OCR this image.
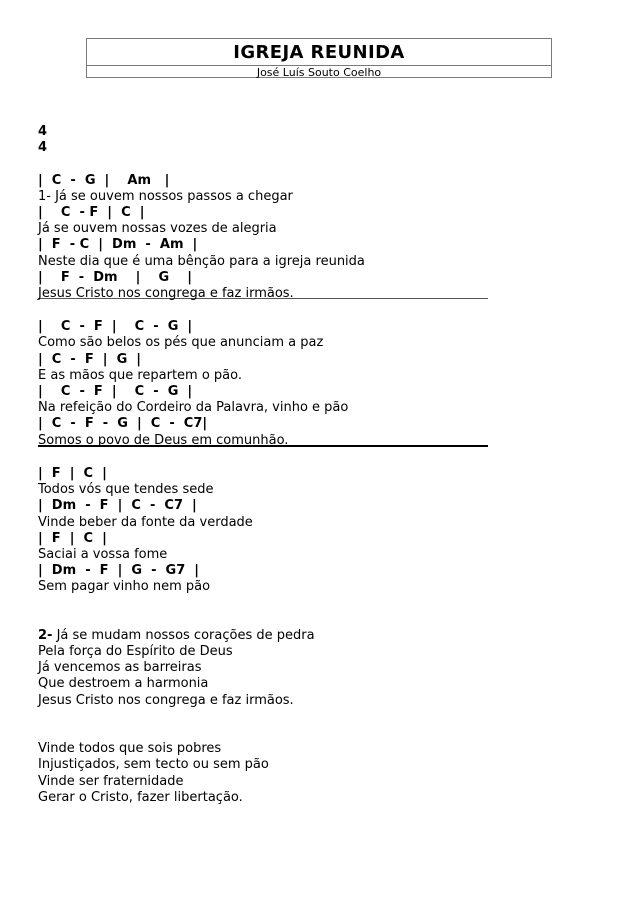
IGREJA REUNIDA
José Luís Souto Coelho
4
4
|  C  -  G  |    Am   |
1- Já se ouvem nossos passos a chegar
|    C  - F  |  C  |
Já se ouvem nossas vozes de alegria
|  F  - C  |  Dm  -  Am  |
Neste dia que é uma bênção para a igreja reunida
|    F  -  Dm    |    G    |
Jesus Cristo nos congrega e faz irmãos.
|    C  -  F  |    C  -  G  |
Como são belos os pés que anunciam a paz
|  C  -  F  |  G  |
E as mãos que repartem o pão.
|    C  -  F  |    C  -  G  |
Na refeição do Cordeiro da Palavra, vinho e pão
|  C  -  F  -  G  |  C  -  C7|
Somos o povo de Deus em comunhão.
|  F  |  C  |
Todos vós que tendes sede
|  Dm  -  F  |  C  -  C7  |
Vinde beber da fonte da verdade
|  F  |  C  |
Saciai a vossa fome
|  Dm  -  F  |  G  -  G7  |
Sem pagar vinho nem pão
2- Já se mudam nossos corações de pedra
Pela força do Espírito de Deus
Já vencemos as barreiras
Que destroem a harmonia
Jesus Cristo nos congrega e faz irmãos.
Vinde todos que sois pobres
Injustiçados, sem tecto ou sem pão
Vinde ser fraternidade
Gerar o Cristo, fazer libertação.
